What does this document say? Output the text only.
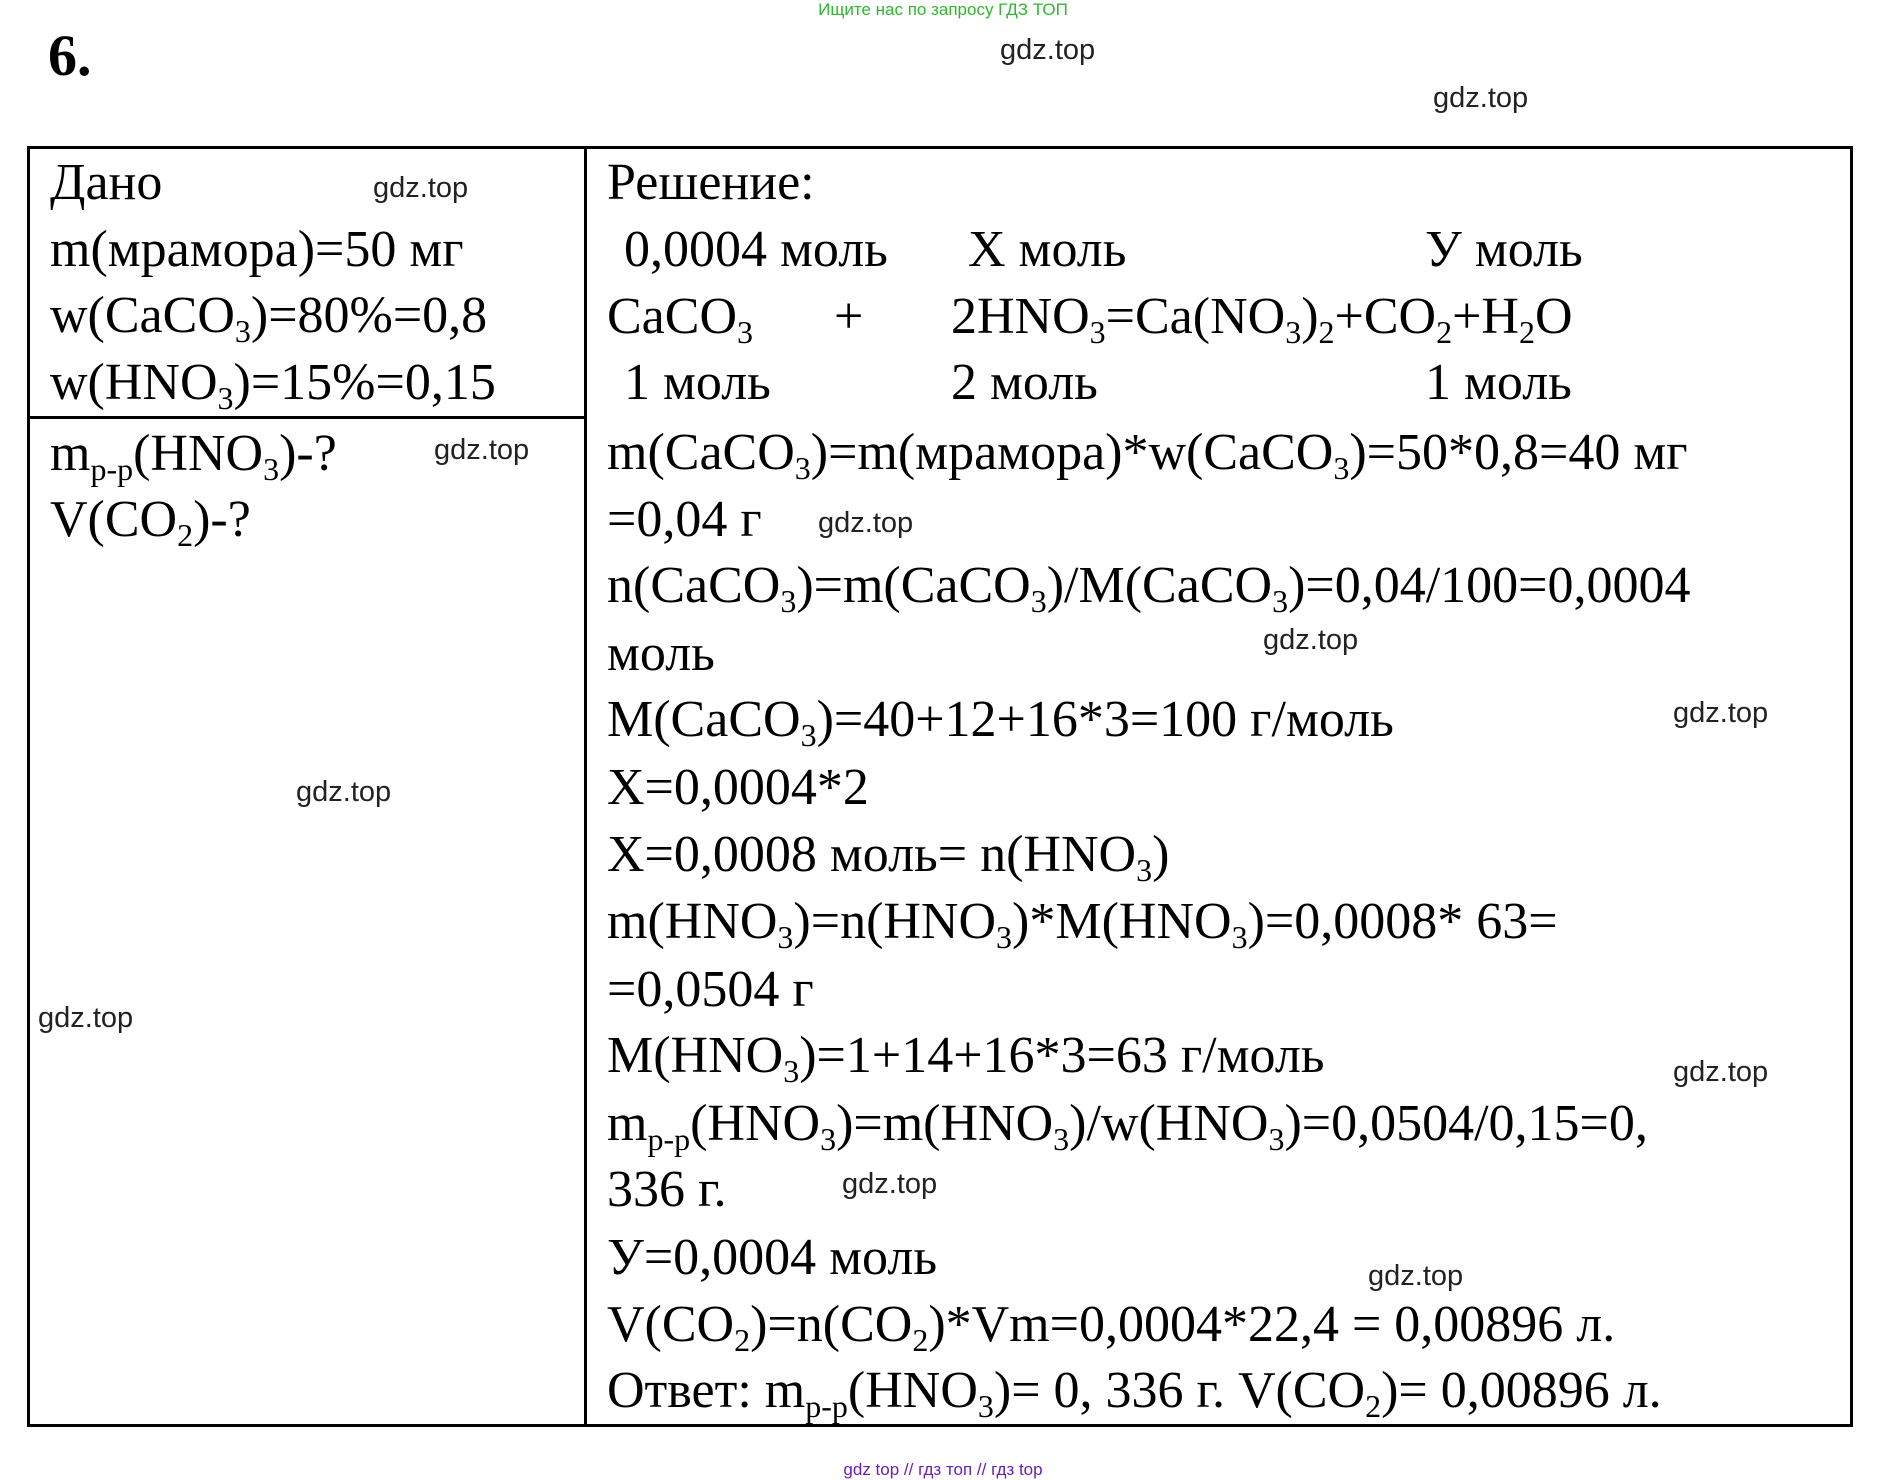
Ищите нас по запросу ГДЗ ТОП
6.	gdz.top
gdz.top
gdz.top
gdz.top
gdz.top
gdz.top
gdz.top
gdz.top
gdz.top
gdz.top
gdz.top
gdz.top
Дано
m(мрамора)=50 мг
w(CaCO$_3$)=80%=0,8
$w(HNO_3)=15\%=0,15$
$m_{р-р}(HNO_3)-$?
$V(CO_2)-$?
Решение:
0,0004 моль Х моль	У моль
CaCO$_3$ + $2HNO_3=Ca(NO_3)_2+CO_2+H_2O$
1 моль	2 моль	1 моль
m(CaCO$_3$)=m(мрамора)*w(CaCO$_3$)=50*0,8=40 мг
=0,04 г
n(CaCO$_3$)=m(CaCO$_3$)/M(CaCO$_3$)=0,04/100=0,0004
моль
M(CaCO$_3$)=40+12+16*3=100 г/моль
X=0,0004*2
X=0,0008 моль= $n(HNO_3)$
$m(HNO_3)=n(HNO_3)*M(HNO_3)=0,0008*$ 63=
=0,0504 г
$M(HNO_3)=1+14+16*3=63$ г/моль
$m_{р-р}(HNO_3)=m(HNO_3)/w(HNO_3)=0,0504/0,15=0$,
336 г.
У=0,0004 моль
$V(CO_2)=n(CO_2)*Vm=0,0004*22,4 = 0,00896$ л.
Ответ: $m_{р-р}(HNO_3)= 0$, 336 г. $V(CO_2)= 0,00896$ л.
gdz top // гдз топ // гдз top
